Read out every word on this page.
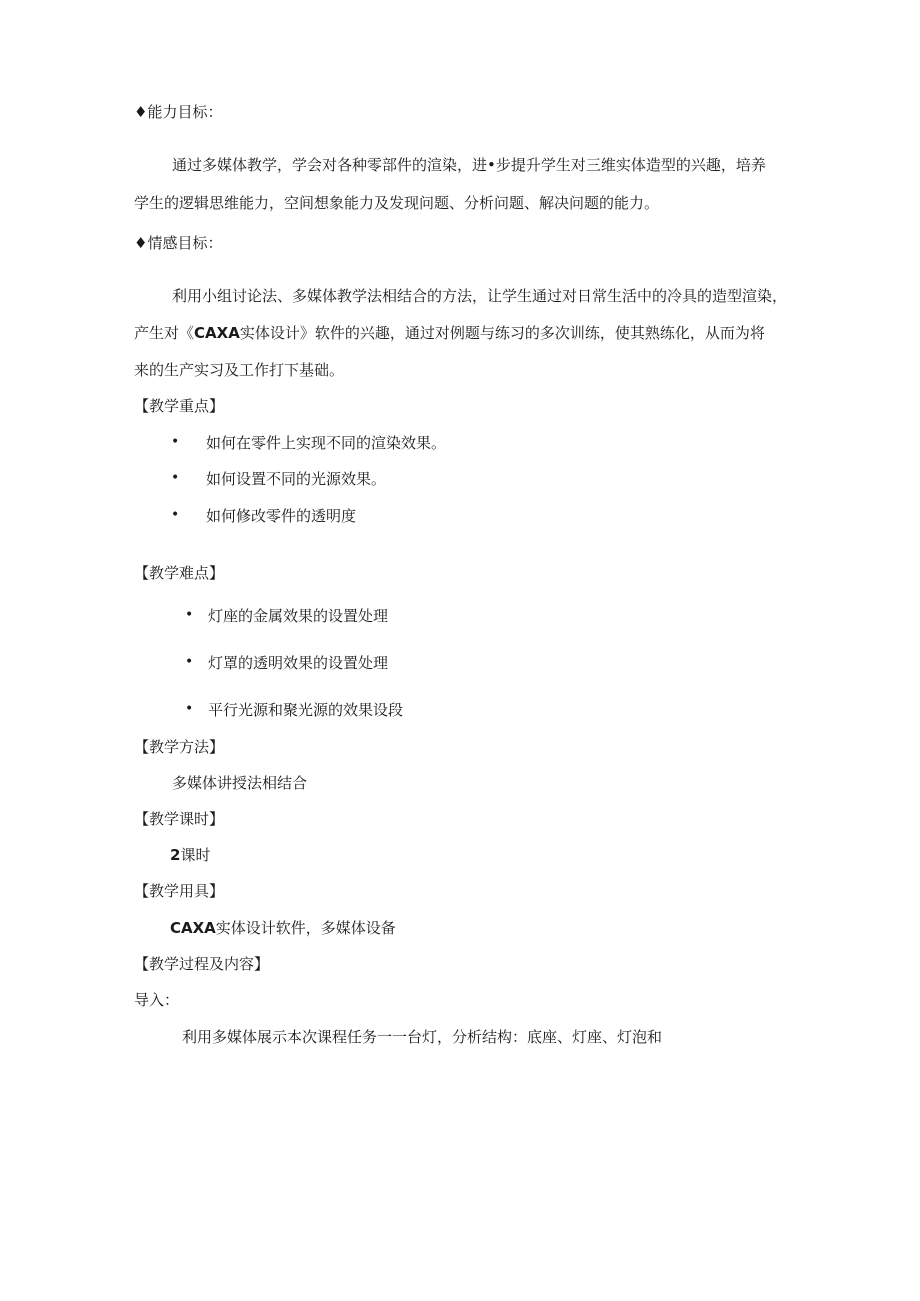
♦能力目标：
通过多媒体教学，学会对各种零部件的渲染，进•步提升学生对三维实体造型的兴趣，培养
学生的逻辑思维能力，空间想象能力及发现问题、分析问题、解决问题的能力。
♦情感目标：
利用小组讨论法、多媒体教学法相结合的方法，让学生通过对日常生活中的冷具的造型渲染，
产生对《CAXA实体设计》软件的兴趣，通过对例题与练习的多次训练，使其熟练化，从而为将
来的生产实习及工作打下基础。
【教学重点】
• 如何在零件上实现不同的渲染效果。
• 如何设置不同的光源效果。
• 如何修改零件的透明度
【教学难点】
• 灯座的金属效果的设置处理
• 灯罩的透明效果的设置处理
• 平行光源和聚光源的效果设段
【教学方法】
多媒体讲授法相结合
【教学课时】
2课时
【教学用具】
CAXA实体设计软件，多媒体设备
【教学过程及内容】
导入：
利用多媒体展示本次课程任务一一台灯，分析结构：底座、灯座、灯泡和
